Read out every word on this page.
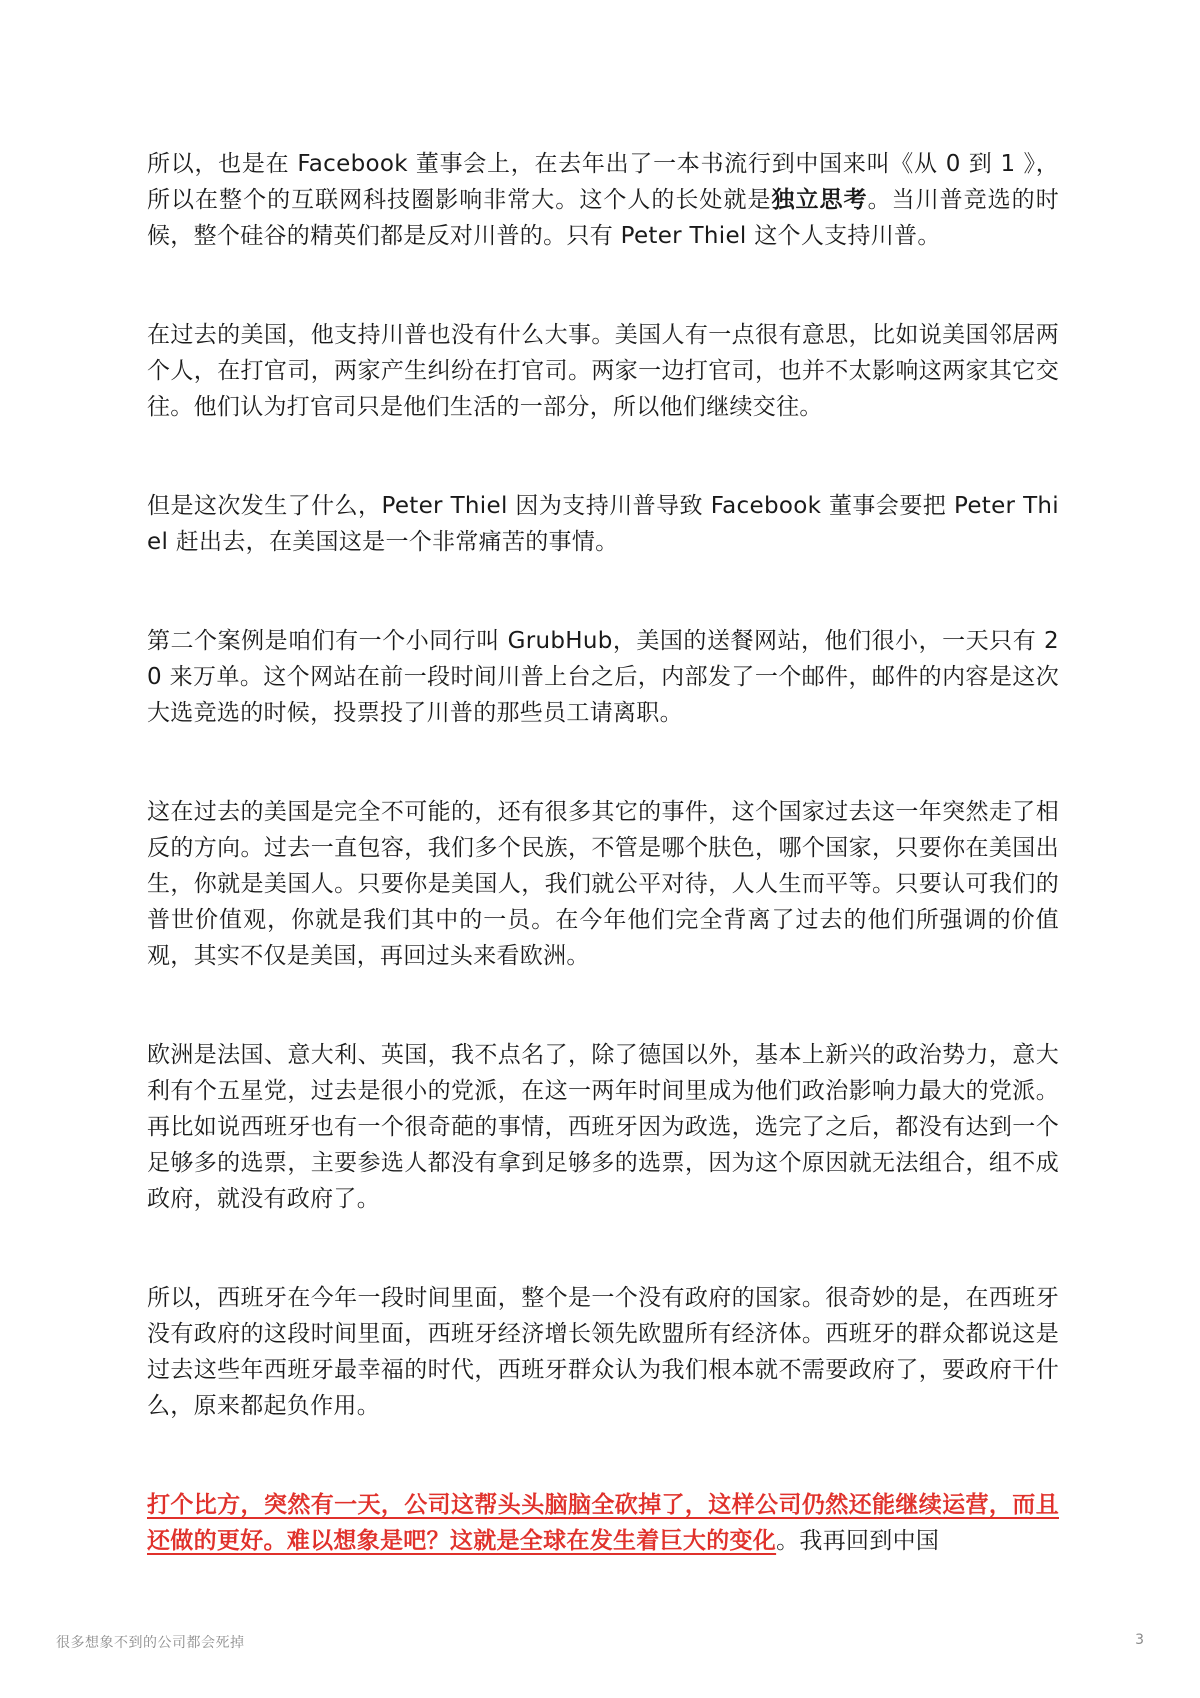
所以，也是在 Facebook 董事会上，在去年出了一本书流行到中国来叫《从 0 到 1 》，所以在整个的互联网科技圈影响非常大。这个人的长处就是独立思考。当川普竞选的时候，整个硅谷的精英们都是反对川普的。只有 Peter Thiel 这个人支持川普。

在过去的美国，他支持川普也没有什么大事。美国人有一点很有意思，比如说美国邻居两个人，在打官司，两家产生纠纷在打官司。两家一边打官司，也并不太影响这两家其它交往。他们认为打官司只是他们生活的一部分，所以他们继续交往。

但是这次发生了什么，Peter Thiel 因为支持川普导致 Facebook 董事会要把 Peter Thiel 赶出去，在美国这是一个非常痛苦的事情。

第二个案例是咱们有一个小同行叫 GrubHub，美国的送餐网站，他们很小，一天只有 20 来万单。这个网站在前一段时间川普上台之后，内部发了一个邮件，邮件的内容是这次大选竞选的时候，投票投了川普的那些员工请离职。

这在过去的美国是完全不可能的，还有很多其它的事件，这个国家过去这一年突然走了相反的方向。过去一直包容，我们多个民族，不管是哪个肤色，哪个国家，只要你在美国出生，你就是美国人。只要你是美国人，我们就公平对待，人人生而平等。只要认可我们的普世价值观，你就是我们其中的一员。在今年他们完全背离了过去的他们所强调的价值观，其实不仅是美国，再回过头来看欧洲。

欧洲是法国、意大利、英国，我不点名了，除了德国以外，基本上新兴的政治势力，意大利有个五星党，过去是很小的党派，在这一两年时间里成为他们政治影响力最大的党派。再比如说西班牙也有一个很奇葩的事情，西班牙因为政选，选完了之后，都没有达到一个足够多的选票，主要参选人都没有拿到足够多的选票，因为这个原因就无法组合，组不成政府，就没有政府了。

所以，西班牙在今年一段时间里面，整个是一个没有政府的国家。很奇妙的是，在西班牙没有政府的这段时间里面，西班牙经济增长领先欧盟所有经济体。西班牙的群众都说这是过去这些年西班牙最幸福的时代，西班牙群众认为我们根本就不需要政府了，要政府干什么，原来都起负作用。

打个比方，突然有一天，公司这帮头头脑脑全砍掉了，这样公司仍然还能继续运营，而且还做的更好。难以想象是吧？这就是全球在发生着巨大的变化。我再回到中国

很多想象不到的公司都会死掉	3
